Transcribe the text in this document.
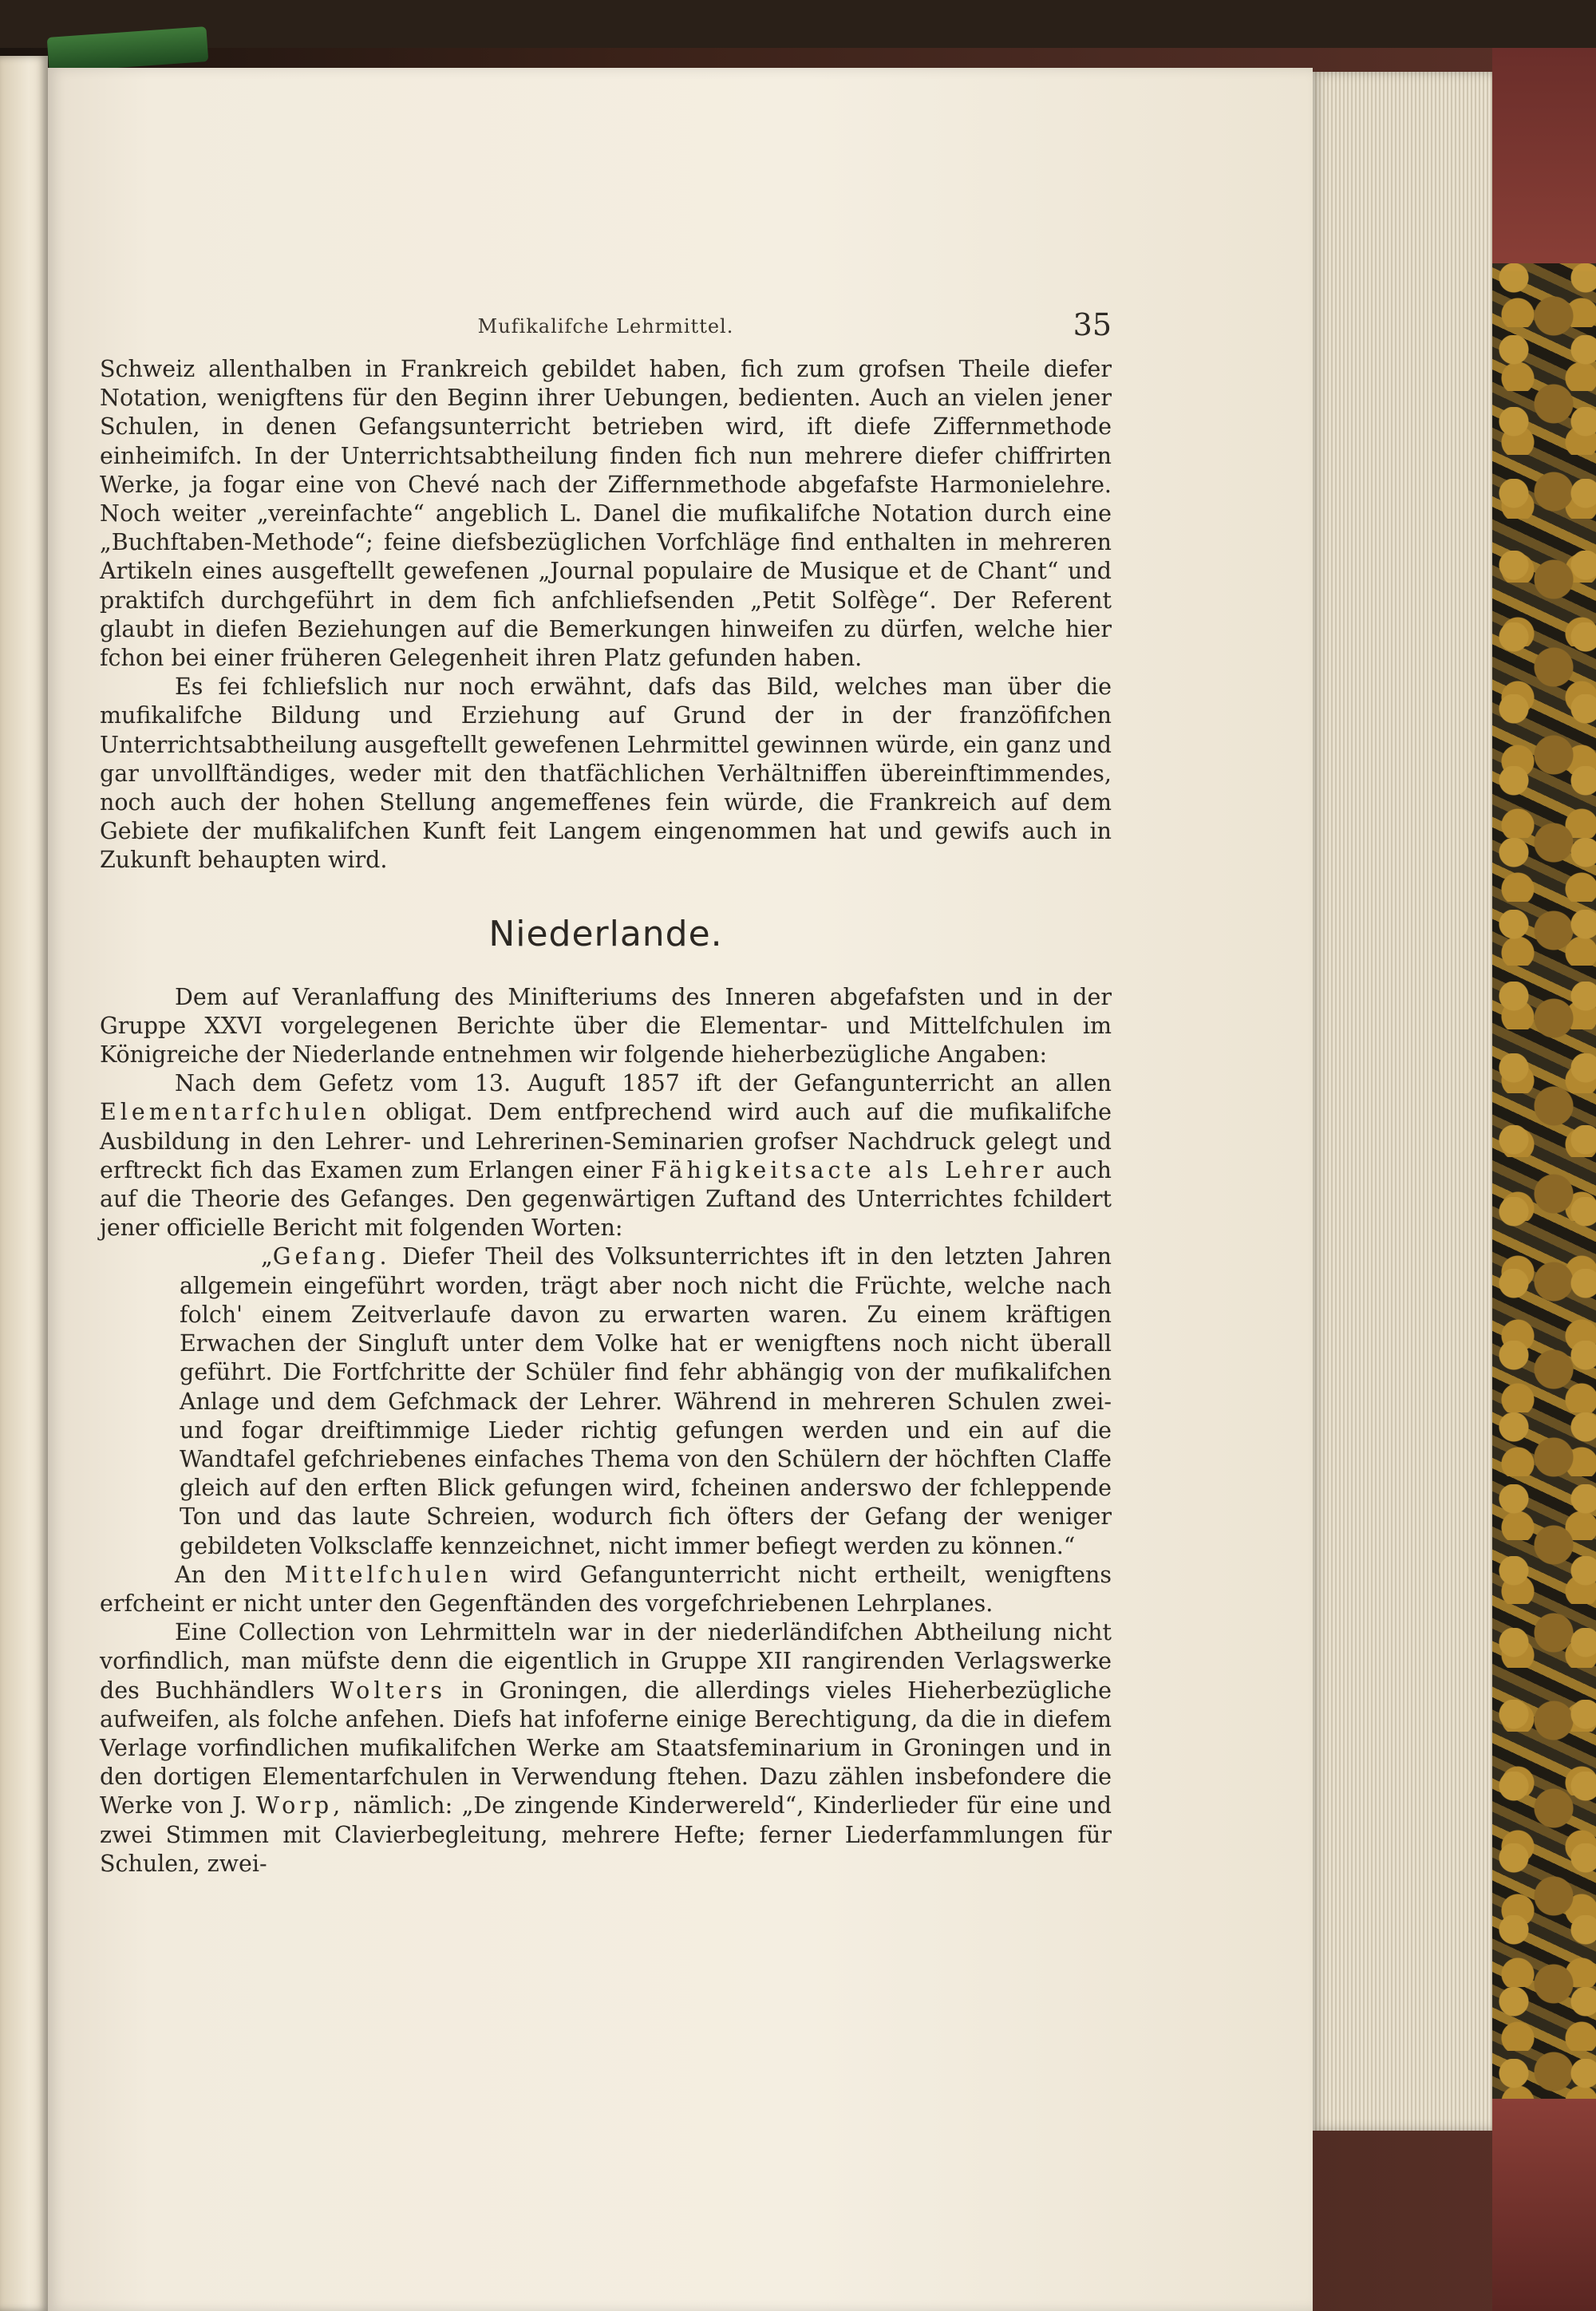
Mufikalifche Lehrmittel.	35

Schweiz allenthalben in Frankreich gebildet haben, fich zum grofsen Theile diefer Notation, wenigftens für den Beginn ihrer Uebungen, bedienten. Auch an vielen jener Schulen, in denen Gefangsunterricht betrieben wird, ift diefe Ziffernmethode einheimifch. In der Unterrichtsabtheilung finden fich nun mehrere diefer chiffrirten Werke, ja fogar eine von Chevé nach der Ziffernmethode abgefafste Harmonielehre. Noch weiter „vereinfachte“ angeblich L. Danel die mufikalifche Notation durch eine „Buchftaben-Methode“; feine diefsbezüglichen Vorfchläge find enthalten in mehreren Artikeln eines ausgeftellt gewefenen „Journal populaire de Musique et de Chant“ und praktifch durchgeführt in dem fich anfchliefsenden „Petit Solfège“. Der Referent glaubt in diefen Beziehungen auf die Bemerkungen hinweifen zu dürfen, welche hier fchon bei einer früheren Gelegenheit ihren Platz gefunden haben.

Es fei fchliefslich nur noch erwähnt, dafs das Bild, welches man über die mufikalifche Bildung und Erziehung auf Grund der in der franzöfifchen Unterrichtsabtheilung ausgeftellt gewefenen Lehrmittel gewinnen würde, ein ganz und gar unvollftändiges, weder mit den thatfächlichen Verhältniffen übereinftimmendes, noch auch der hohen Stellung angemeffenes fein würde, die Frankreich auf dem Gebiete der mufikalifchen Kunft feit Langem eingenommen hat und gewifs auch in Zukunft behaupten wird.

Niederlande.

Dem auf Veranlaffung des Minifteriums des Inneren abgefafsten und in der Gruppe XXVI vorgelegenen Berichte über die Elementar- und Mittelfchulen im Königreiche der Niederlande entnehmen wir folgende hieherbezügliche Angaben:

Nach dem Gefetz vom 13. Auguft 1857 ift der Gefangunterricht an allen Elementarfchulen obligat. Dem entfprechend wird auch auf die mufikalifche Ausbildung in den Lehrer- und Lehrerinen-Seminarien grofser Nachdruck gelegt und erftreckt fich das Examen zum Erlangen einer Fähigkeitsacte als Lehrer auch auf die Theorie des Gefanges. Den gegenwärtigen Zuftand des Unterrichtes fchildert jener officielle Bericht mit folgenden Worten:

„Gefang. Diefer Theil des Volksunterrichtes ift in den letzten Jahren allgemein eingeführt worden, trägt aber noch nicht die Früchte, welche nach folch' einem Zeitverlaufe davon zu erwarten waren. Zu einem kräftigen Erwachen der Singluft unter dem Volke hat er wenigftens noch nicht überall geführt. Die Fortfchritte der Schüler find fehr abhängig von der mufikalifchen Anlage und dem Gefchmack der Lehrer. Während in mehreren Schulen zwei- und fogar dreiftimmige Lieder richtig gefungen werden und ein auf die Wandtafel gefchriebenes einfaches Thema von den Schülern der höchften Claffe gleich auf den erften Blick gefungen wird, fcheinen anderswo der fchleppende Ton und das laute Schreien, wodurch fich öfters der Gefang der weniger gebildeten Volksclaffe kennzeichnet, nicht immer befiegt werden zu können.“

An den Mittelfchulen wird Gefangunterricht nicht ertheilt, wenigftens erfcheint er nicht unter den Gegenftänden des vorgefchriebenen Lehrplanes.

Eine Collection von Lehrmitteln war in der niederländifchen Abtheilung nicht vorfindlich, man müfste denn die eigentlich in Gruppe XII rangirenden Verlagswerke des Buchhändlers Wolters in Groningen, die allerdings vieles Hieherbezügliche aufweifen, als folche anfehen. Diefs hat infoferne einige Berechtigung, da die in diefem Verlage vorfindlichen mufikalifchen Werke am Staatsfeminarium in Groningen und in den dortigen Elementarfchulen in Verwendung ftehen. Dazu zählen insbefondere die Werke von J. Worp, nämlich: „De zingende Kinderwereld“, Kinderlieder für eine und zwei Stimmen mit Clavierbegleitung, mehrere Hefte; ferner Liederfammlungen für Schulen, zwei-
